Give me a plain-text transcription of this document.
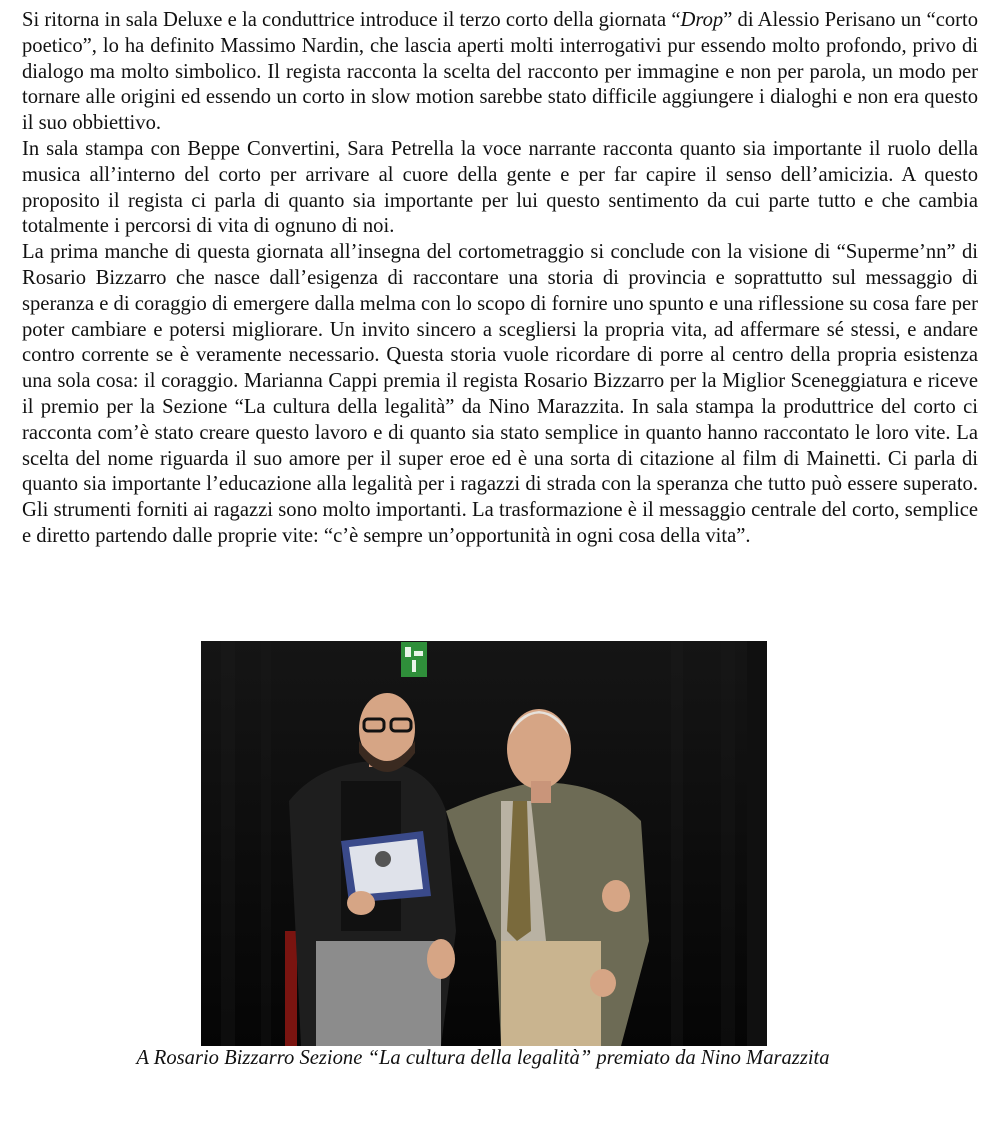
Si ritorna in sala Deluxe e la conduttrice introduce il terzo corto della giornata “Drop” di Alessio Perisano un “corto poetico”, lo ha definito Massimo Nardin, che lascia aperti molti interrogativi pur essendo molto profondo, privo di dialogo ma molto simbolico. Il regista racconta la scelta del racconto per immagine e non per parola, un modo per tornare alle origini ed essendo un corto in slow motion sarebbe stato difficile aggiungere i dialoghi e non era questo il suo obbiettivo.

In sala stampa con Beppe Convertini, Sara Petrella la voce narrante racconta quanto sia importante il ruolo della musica all’interno del corto per arrivare al cuore della gente e per far capire il senso dell’amicizia. A questo proposito il regista ci parla di quanto sia importante per lui questo sentimento da cui parte tutto e che cambia totalmente i percorsi di vita di ognuno di noi.

La prima manche di questa giornata all’insegna del cortometraggio si conclude con la visione di “Superme’nn” di Rosario Bizzarro che nasce dall’esigenza di raccontare una storia di provincia e soprattutto sul messaggio di speranza e di coraggio di emergere dalla melma con lo scopo di fornire uno spunto e una riflessione su cosa fare per poter cambiare e potersi migliorare. Un invito sincero a scegliersi la propria vita, ad affermare sé stessi, e andare contro corrente se è veramente necessario. Questa storia vuole ricordare di porre al centro della propria esistenza una sola cosa: il coraggio. Marianna Cappi premia il regista Rosario Bizzarro per la Miglior Sceneggiatura e riceve il premio per la Sezione “La cultura della legalità” da Nino Marazzita. In sala stampa la produttrice del corto ci racconta com’è stato creare questo lavoro e di quanto sia stato semplice in quanto hanno raccontato le loro vite. La scelta del nome riguarda il suo amore per il super eroe ed è una sorta di citazione al film di Mainetti. Ci parla di quanto sia importante l’educazione alla legalità per i ragazzi di strada con la speranza che tutto può essere superato. Gli strumenti forniti ai ragazzi sono molto importanti. La trasformazione è il messaggio centrale del corto, semplice e diretto partendo dalle proprie vite: “c’è sempre un’opportunità in ogni cosa della vita”.

A Rosario Bizzarro Sezione “La cultura della legalità” premiato da Nino Marazzita
